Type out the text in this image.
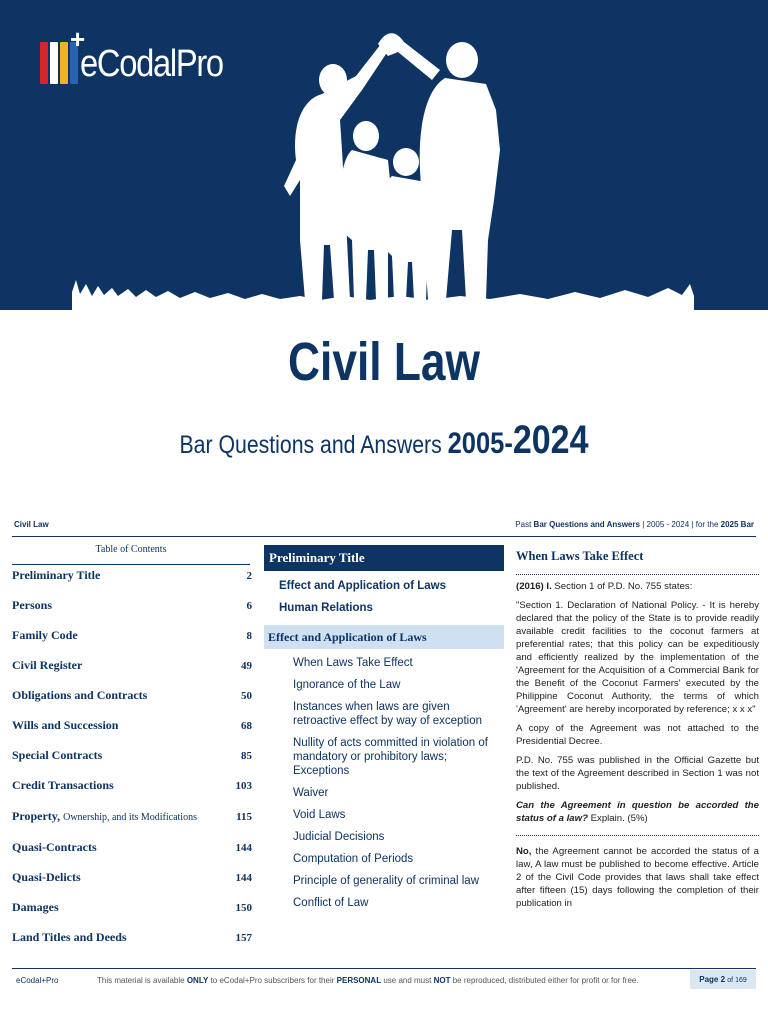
+
eCodalPro
Civil Law
Bar Questions and Answers 2005-2024
Civil Law	Past Bar Questions and Answers | 2005 - 2024 | for the 2025 Bar
Table of Contents
Preliminary Title	2
Persons	6
Family Code	8
Civil Register	49
Obligations and Contracts	50
Wills and Succession	68
Special Contracts	85
Credit Transactions	103
Property, Ownership, and its Modifications	115
Quasi-Contracts	144
Quasi-Delicts	144
Damages	150
Land Titles and Deeds	157
Preliminary Title
Effect and Application of Laws
Human Relations
Effect and Application of Laws
When Laws Take Effect
Ignorance of the Law
Instances when laws are given retroactive effect by way of exception
Nullity of acts committed in violation of mandatory or prohibitory laws; Exceptions
Waiver
Void Laws
Judicial Decisions
Computation of Periods
Principle of generality of criminal law
Conflict of Law
When Laws Take Effect

(2016) I. Section 1 of P.D. No. 755 states:

"Section 1. Declaration of National Policy. - It is hereby declared that the policy of the State is to provide readily available credit facilities to the coconut farmers at preferential rates; that this policy can be expeditiously and efficiently realized by the implementation of the 'Agreement for the Acquisition of a Commercial Bank for the Benefit of the Coconut Farmers' executed by the Philippine Coconut Authority, the terms of which 'Agreement' are hereby incorporated by reference; x x x"

A copy of the Agreement was not attached to the Presidential Decree.

P.D. No. 755 was published in the Official Gazette but the text of the Agreement described in Section 1 was not published.

Can the Agreement in question be accorded the status of a law? Explain. (5%)

No, the Agreement cannot be accorded the status of a law, A law must be published to become effective. Article 2 of the Civil Code provides that laws shall take effect after fifteen (15) days following the completion of their publication in

eCodal+Pro	This material is available ONLY to eCodal+Pro subscribers for their PERSONAL use and must NOT be reproduced, distributed either for profit or for free.	Page 2 of 169
